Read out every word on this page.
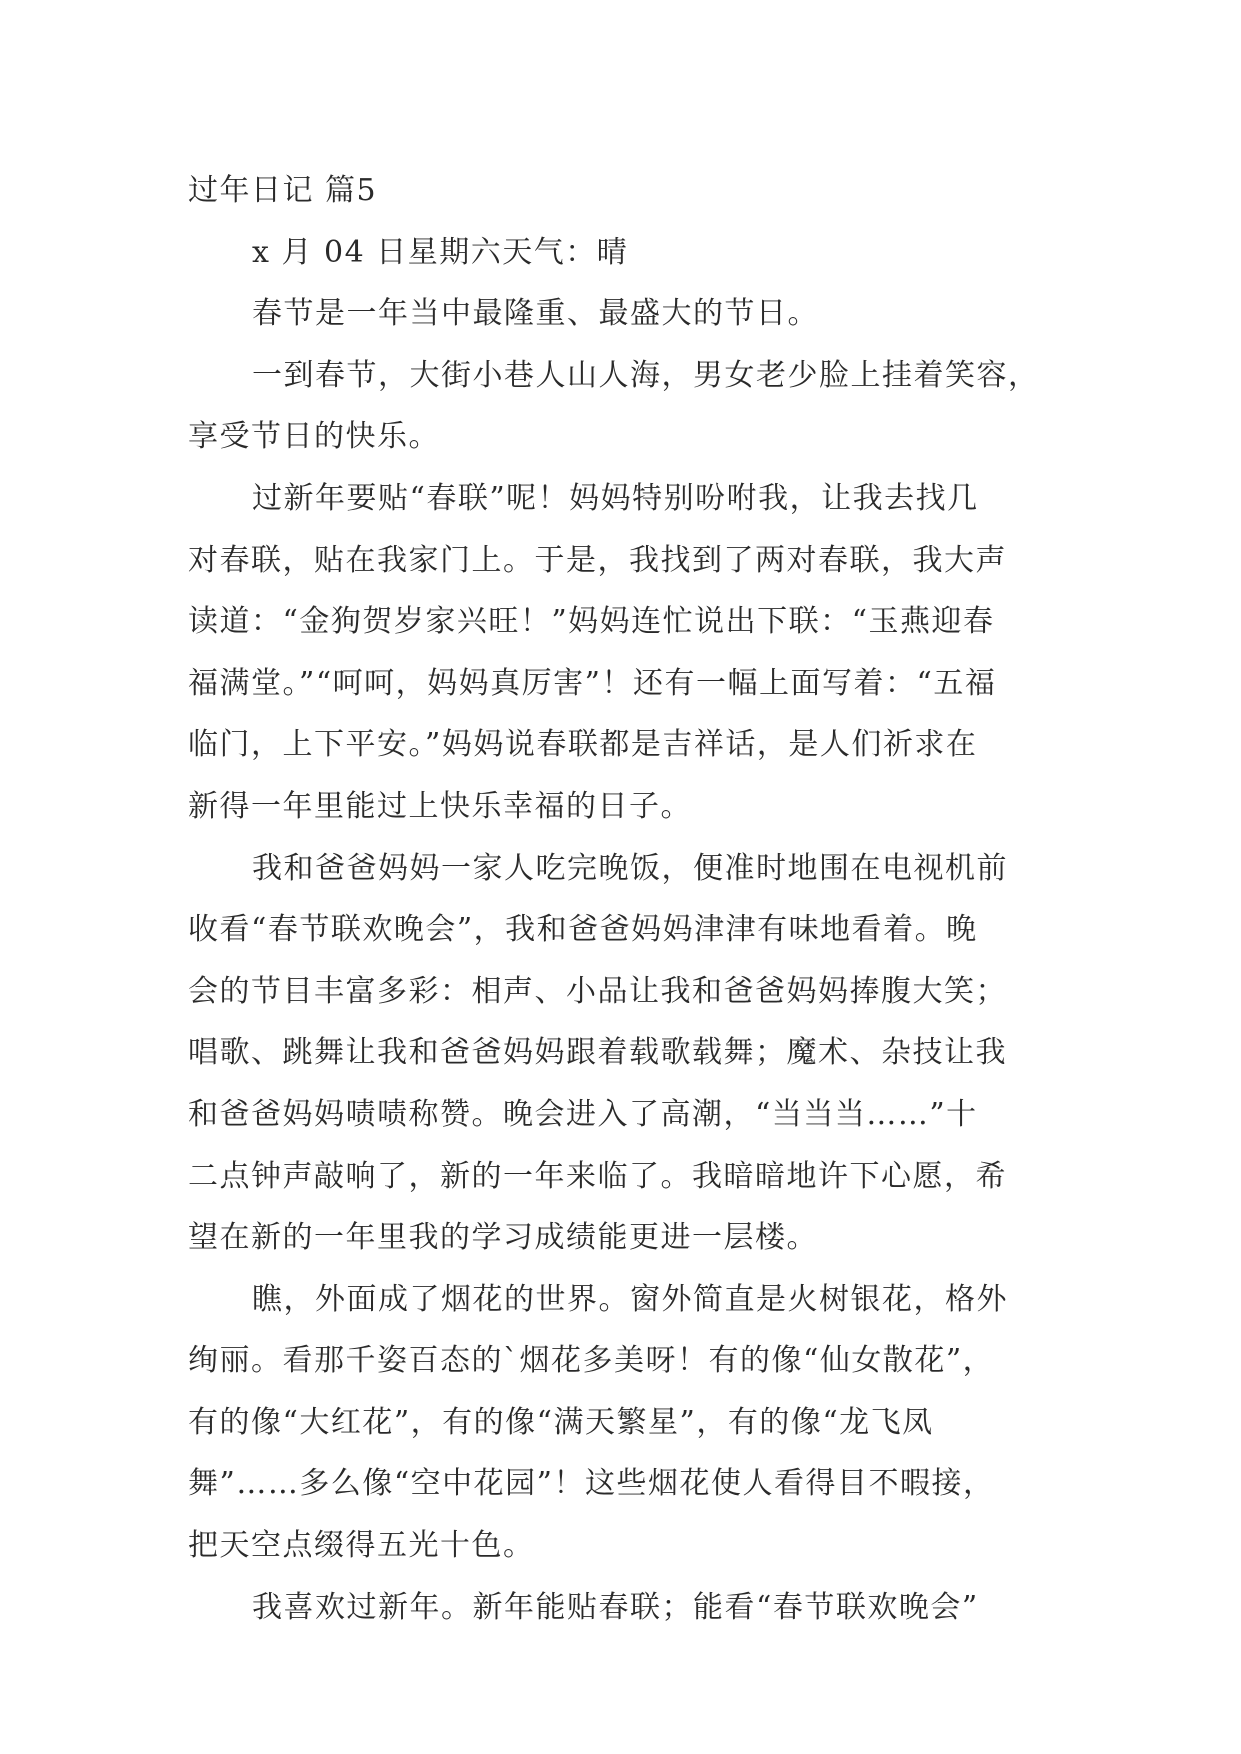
过年日记 篇5

x 月 04 日星期六天气：晴

春节是一年当中最隆重、最盛大的节日。

一到春节，大街小巷人山人海，男女老少脸上挂着笑容，

享受节日的快乐。

过新年要贴“春联”呢！妈妈特别吩咐我，让我去找几

对春联，贴在我家门上。于是，我找到了两对春联，我大声

读道：“金狗贺岁家兴旺！”妈妈连忙说出下联：“玉燕迎春

福满堂。”“呵呵，妈妈真厉害”！还有一幅上面写着：“五福

临门，上下平安。”妈妈说春联都是吉祥话，是人们祈求在

新得一年里能过上快乐幸福的日子。

我和爸爸妈妈一家人吃完晚饭，便准时地围在电视机前

收看“春节联欢晚会”，我和爸爸妈妈津津有味地看着。晚

会的节目丰富多彩：相声、小品让我和爸爸妈妈捧腹大笑；

唱歌、跳舞让我和爸爸妈妈跟着载歌载舞；魔术、杂技让我

和爸爸妈妈啧啧称赞。晚会进入了高潮，“当当当……”十

二点钟声敲响了，新的一年来临了。我暗暗地许下心愿，希

望在新的一年里我的学习成绩能更进一层楼。

瞧，外面成了烟花的世界。窗外简直是火树银花，格外

绚丽。看那千姿百态的`烟花多美呀！有的像“仙女散花”，

有的像“大红花”，有的像“满天繁星”，有的像“龙飞凤

舞”……多么像“空中花园”！这些烟花使人看得目不暇接，

把天空点缀得五光十色。

我喜欢过新年。新年能贴春联；能看“春节联欢晚会”
